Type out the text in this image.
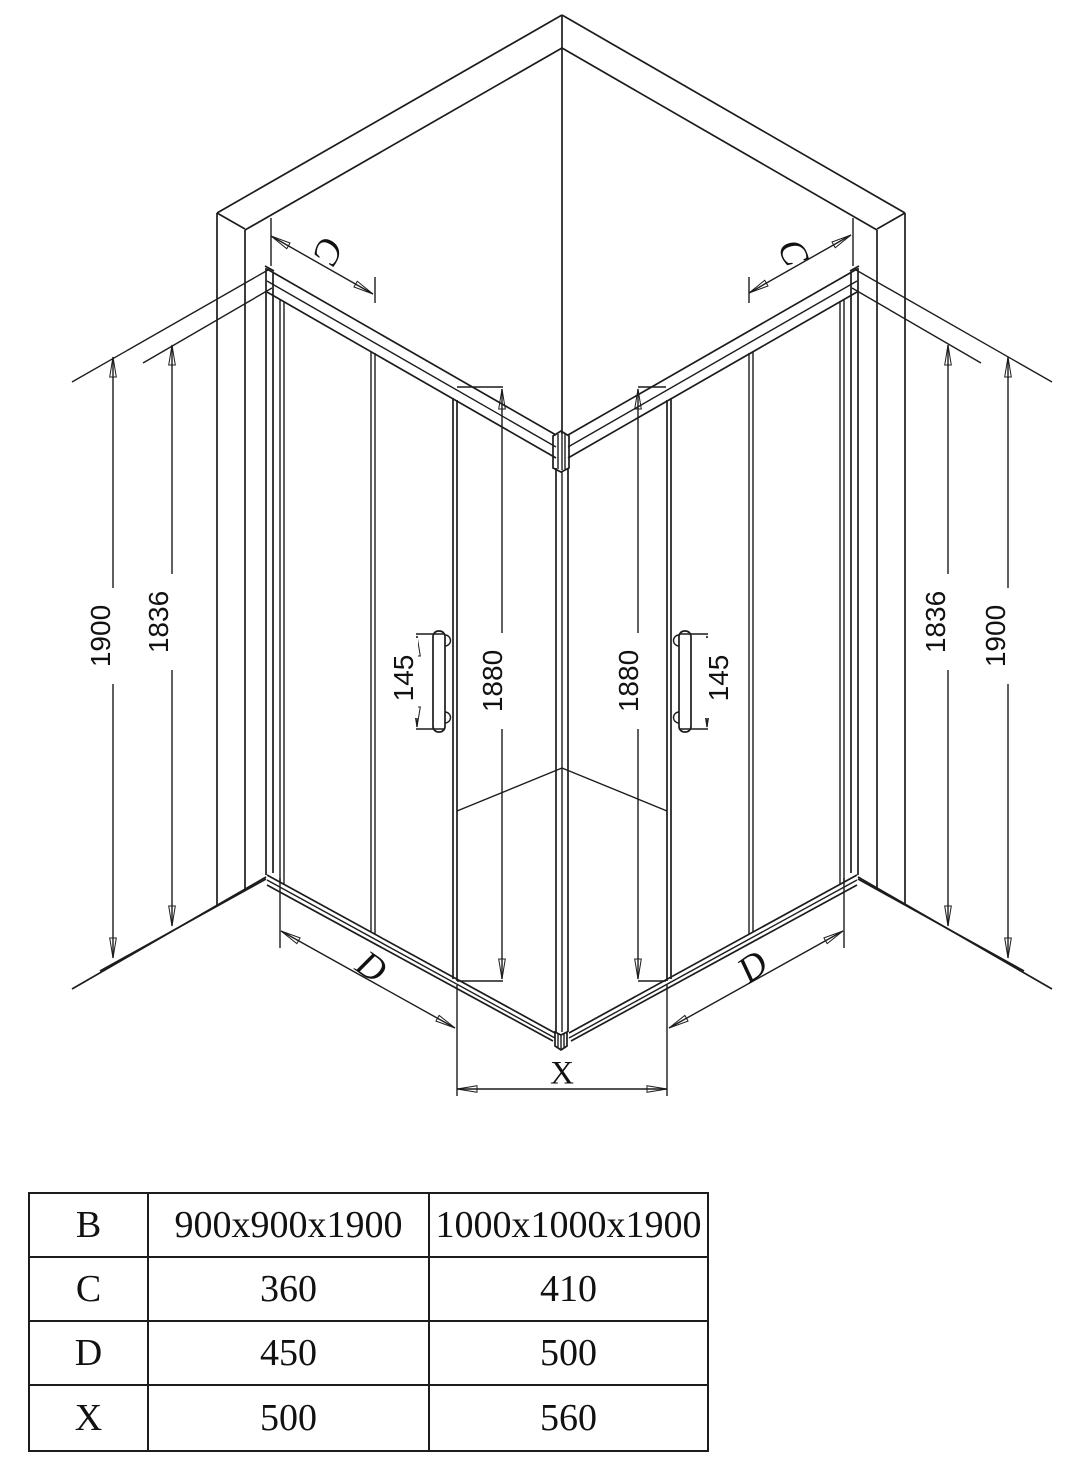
1900 1836
C
145 1880
D
1900
1836
C
145
1880
D
X
B	900x900x1900 1000x1000x1900
C	360	410
D	450	500
X	500	560
